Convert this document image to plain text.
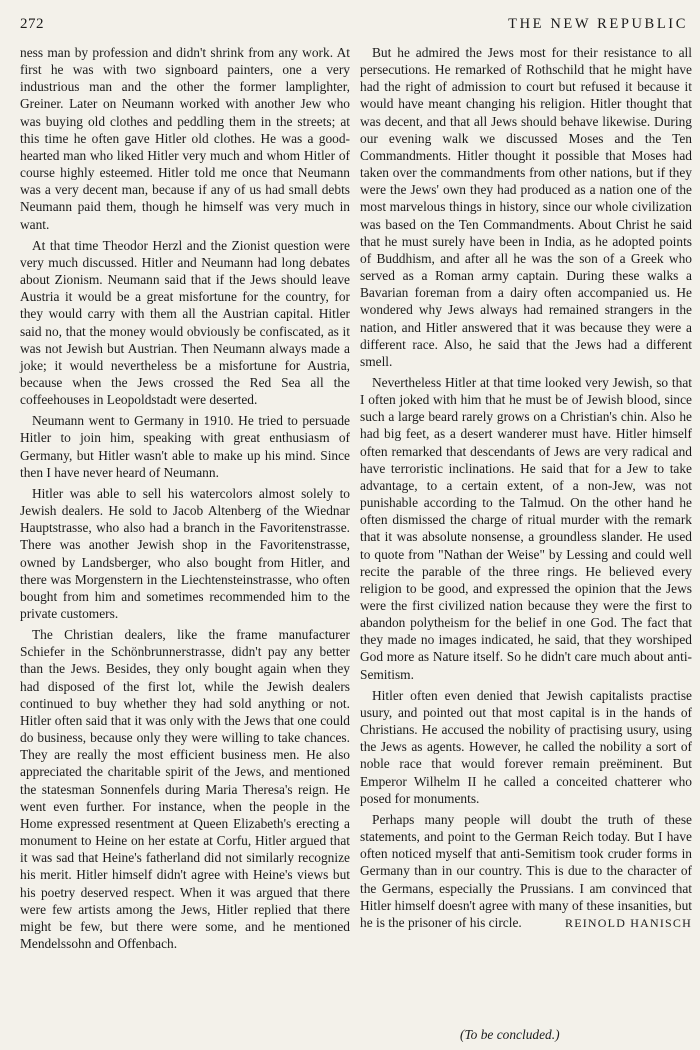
272	THE NEW REPUBLIC

ness man by profession and didn't shrink from any work. At first he was with two signboard painters, one a very industrious man and the other the former lamplighter, Greiner. Later on Neumann worked with another Jew who was buying old clothes and peddling them in the streets; at this time he often gave Hitler old clothes. He was a good-hearted man who liked Hitler very much and whom Hitler of course highly esteemed. Hitler told me once that Neumann was a very decent man, because if any of us had small debts Neumann paid them, though he himself was very much in want.

At that time Theodor Herzl and the Zionist question were very much discussed. Hitler and Neumann had long debates about Zionism. Neumann said that if the Jews should leave Austria it would be a great misfortune for the country, for they would carry with them all the Austrian capital. Hitler said no, that the money would obviously be confiscated, as it was not Jewish but Austrian. Then Neumann always made a joke; it would nevertheless be a misfortune for Austria, because when the Jews crossed the Red Sea all the coffeehouses in Leopoldstadt were deserted.

Neumann went to Germany in 1910. He tried to persuade Hitler to join him, speaking with great enthusiasm of Germany, but Hitler wasn't able to make up his mind. Since then I have never heard of Neumann.

Hitler was able to sell his watercolors almost solely to Jewish dealers. He sold to Jacob Altenberg of the Wiednar Hauptstrasse, who also had a branch in the Favoritenstrasse. There was another Jewish shop in the Favoritenstrasse, owned by Landsberger, who also bought from Hitler, and there was Morgenstern in the Liechtensteinstrasse, who often bought from him and sometimes recommended him to the private customers.

The Christian dealers, like the frame manufacturer Schiefer in the Schönbrunnerstrasse, didn't pay any better than the Jews. Besides, they only bought again when they had disposed of the first lot, while the Jewish dealers continued to buy whether they had sold anything or not. Hitler often said that it was only with the Jews that one could do business, because only they were willing to take chances. They are really the most efficient business men. He also appreciated the charitable spirit of the Jews, and mentioned the statesman Sonnenfels during Maria Theresa's reign. He went even further. For instance, when the people in the Home expressed resentment at Queen Elizabeth's erecting a monument to Heine on her estate at Corfu, Hitler argued that it was sad that Heine's fatherland did not similarly recognize his merit. Hitler himself didn't agree with Heine's views but his poetry deserved respect. When it was argued that there were few artists among the Jews, Hitler replied that there might be few, but there were some, and he mentioned Mendelssohn and Offenbach.

But he admired the Jews most for their resistance to all persecutions. He remarked of Rothschild that he might have had the right of admission to court but refused it because it would have meant changing his religion. Hitler thought that was decent, and that all Jews should behave likewise. During our evening walk we discussed Moses and the Ten Commandments. Hitler thought it possible that Moses had taken over the commandments from other nations, but if they were the Jews' own they had produced as a nation one of the most marvelous things in history, since our whole civilization was based on the Ten Commandments. About Christ he said that he must surely have been in India, as he adopted points of Buddhism, and after all he was the son of a Greek who served as a Roman army captain. During these walks a Bavarian foreman from a dairy often accompanied us. He wondered why Jews always had remained strangers in the nation, and Hitler answered that it was because they were a different race. Also, he said that the Jews had a different smell.

Nevertheless Hitler at that time looked very Jewish, so that I often joked with him that he must be of Jewish blood, since such a large beard rarely grows on a Christian's chin. Also he had big feet, as a desert wanderer must have. Hitler himself often remarked that descendants of Jews are very radical and have terroristic inclinations. He said that for a Jew to take advantage, to a certain extent, of a non-Jew, was not punishable according to the Talmud. On the other hand he often dismissed the charge of ritual murder with the remark that it was absolute nonsense, a groundless slander. He used to quote from "Nathan der Weise" by Lessing and could well recite the parable of the three rings. He believed every religion to be good, and expressed the opinion that the Jews were the first civilized nation because they were the first to abandon polytheism for the belief in one God. The fact that they made no images indicated, he said, that they worshiped God more as Nature itself. So he didn't care much about anti-Semitism.

Hitler often even denied that Jewish capitalists practise usury, and pointed out that most capital is in the hands of Christians. He accused the nobility of practising usury, using the Jews as agents. However, he called the nobility a sort of noble race that would forever remain preëminent. But Emperor Wilhelm II he called a conceited chatterer who posed for monuments.

Perhaps many people will doubt the truth of these statements, and point to the German Reich today. But I have often noticed myself that anti-Semitism took cruder forms in Germany than in our country. This is due to the character of the Germans, especially the Prussians. I am convinced that Hitler himself doesn't agree with many of these insanities, but he is the prisoner of his circle.	REINOLD HANISCH

(To be concluded.)
